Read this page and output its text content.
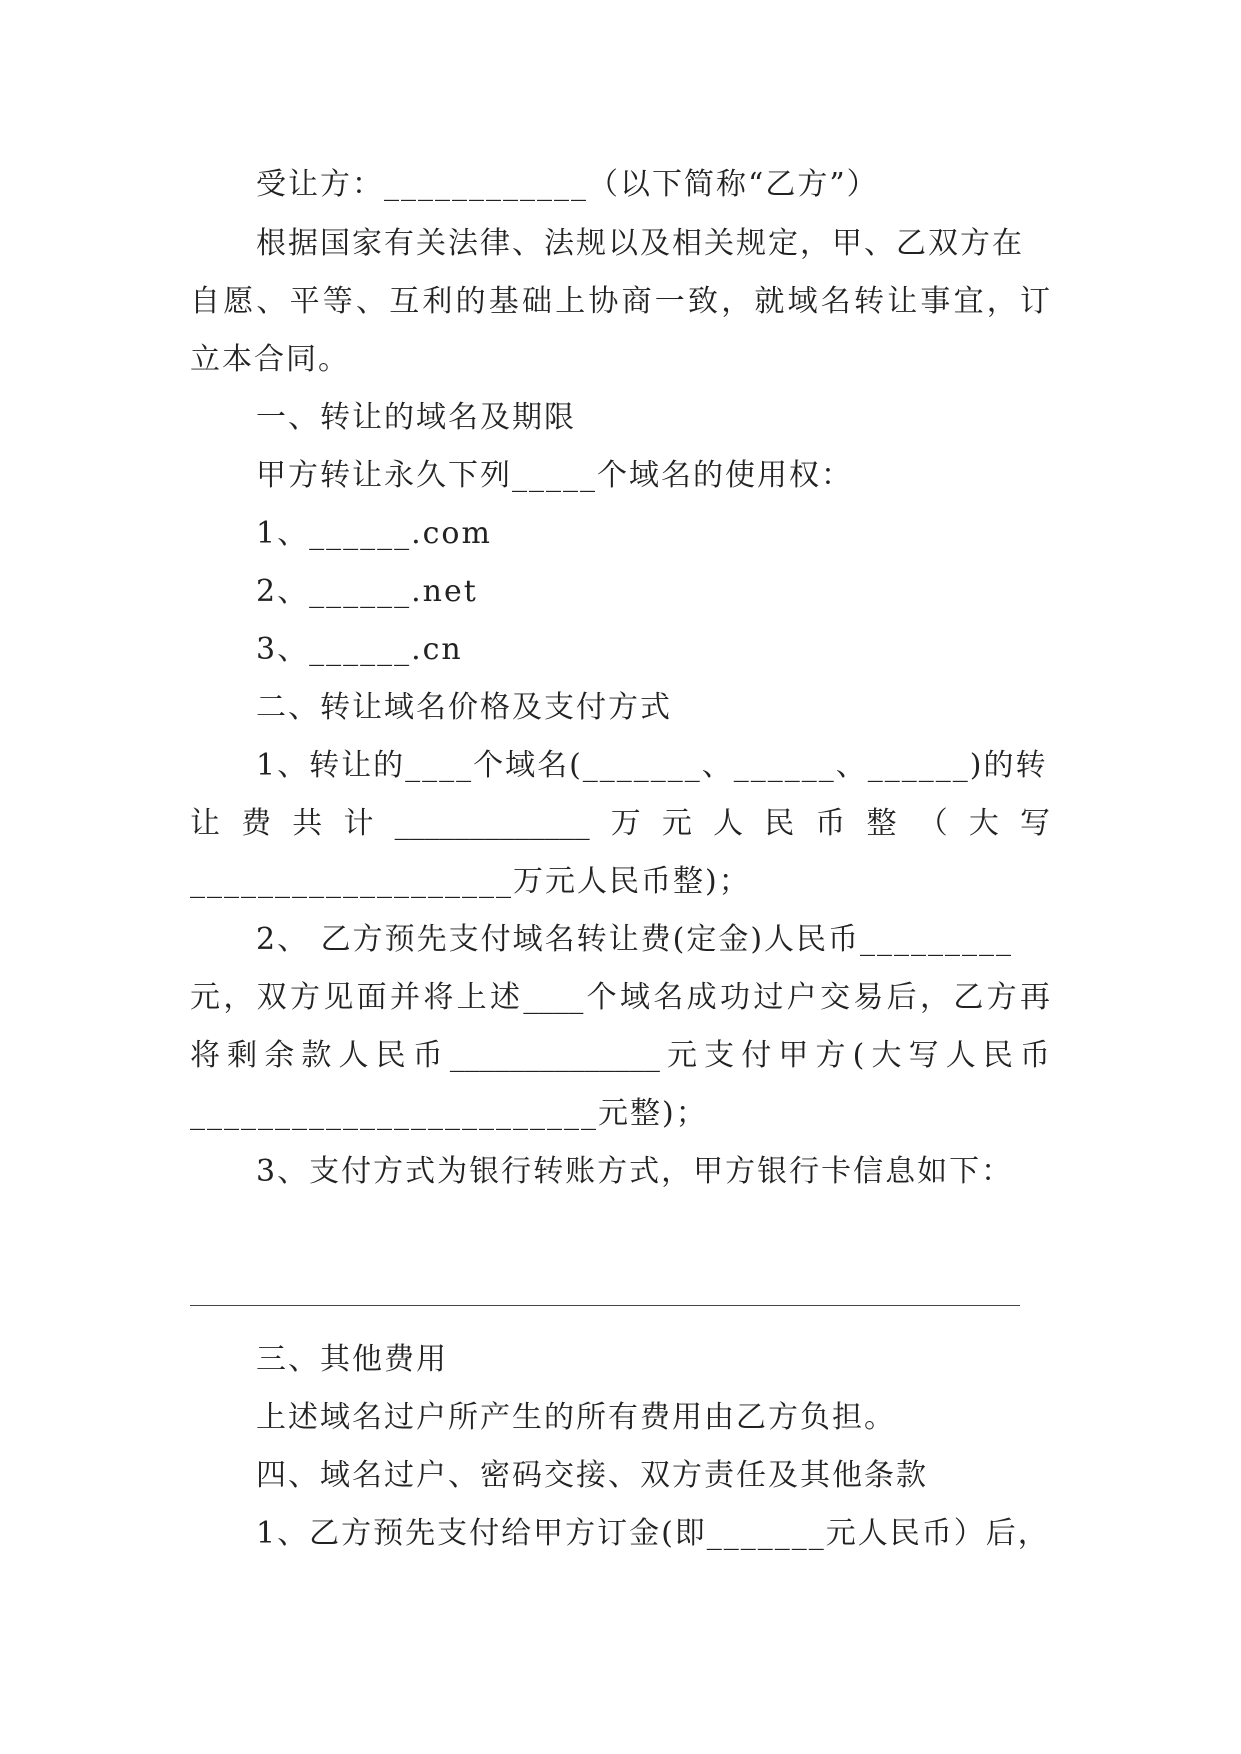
受让方：____________（以下简称“乙方”）
根据国家有关法律、法规以及相关规定，甲、乙双方在
自愿、平等、互利的基础上协商一致，就域名转让事宜，订
立本合同。
一、转让的域名及期限
甲方转让永久下列_____个域名的使用权：
1、______.com
2、______.net
3、______.cn
二、转让域名价格及支付方式
1、转让的____个域名(_______、______、______)的转
让费共计_____________万元人民币整（大写
___________________万元人民币整)；
2、 乙方预先支付域名转让费(定金)人民币_________
元，双方见面并将上述____个域名成功过户交易后，乙方再
将剩余款人民币______________元支付甲方(大写人民币
________________________元整)；
3、支付方式为银行转账方式，甲方银行卡信息如下：
三、其他费用
上述域名过户所产生的所有费用由乙方负担。
四、域名过户、密码交接、双方责任及其他条款
1、乙方预先支付给甲方订金(即_______元人民币）后，
